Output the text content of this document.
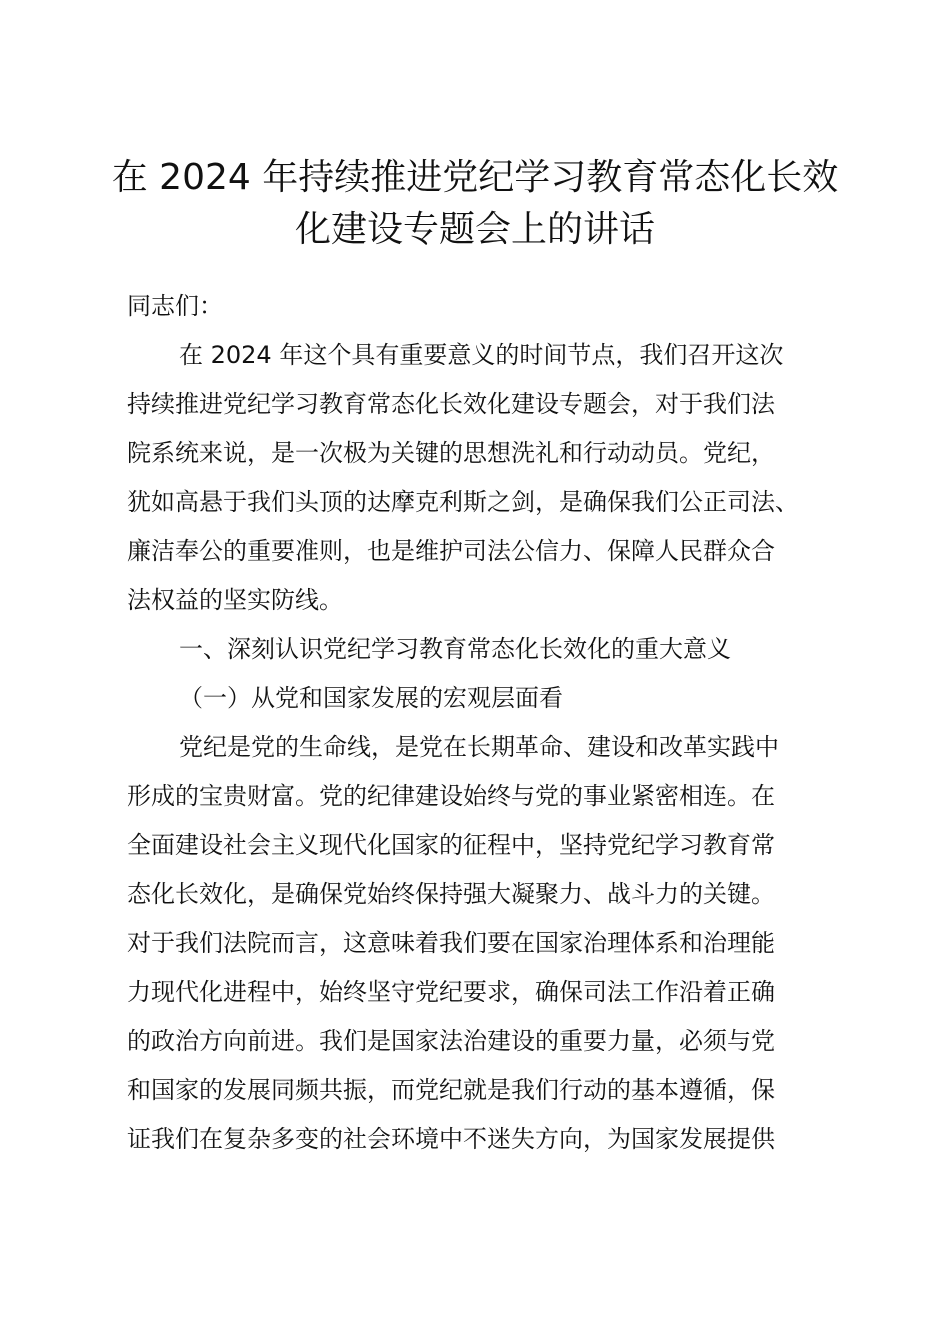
在 2024 年持续推进党纪学习教育常态化长效
化建设专题会上的讲话
同志们：
在 2024 年这个具有重要意义的时间节点，我们召开这次
持续推进党纪学习教育常态化长效化建设专题会，对于我们法
院系统来说，是一次极为关键的思想洗礼和行动动员。党纪，
犹如高悬于我们头顶的达摩克利斯之剑，是确保我们公正司法、
廉洁奉公的重要准则，也是维护司法公信力、保障人民群众合
法权益的坚实防线。
一、深刻认识党纪学习教育常态化长效化的重大意义
（一）从党和国家发展的宏观层面看
党纪是党的生命线，是党在长期革命、建设和改革实践中
形成的宝贵财富。党的纪律建设始终与党的事业紧密相连。在
全面建设社会主义现代化国家的征程中，坚持党纪学习教育常
态化长效化，是确保党始终保持强大凝聚力、战斗力的关键。
对于我们法院而言，这意味着我们要在国家治理体系和治理能
力现代化进程中，始终坚守党纪要求，确保司法工作沿着正确
的政治方向前进。我们是国家法治建设的重要力量，必须与党
和国家的发展同频共振，而党纪就是我们行动的基本遵循，保
证我们在复杂多变的社会环境中不迷失方向，为国家发展提供
